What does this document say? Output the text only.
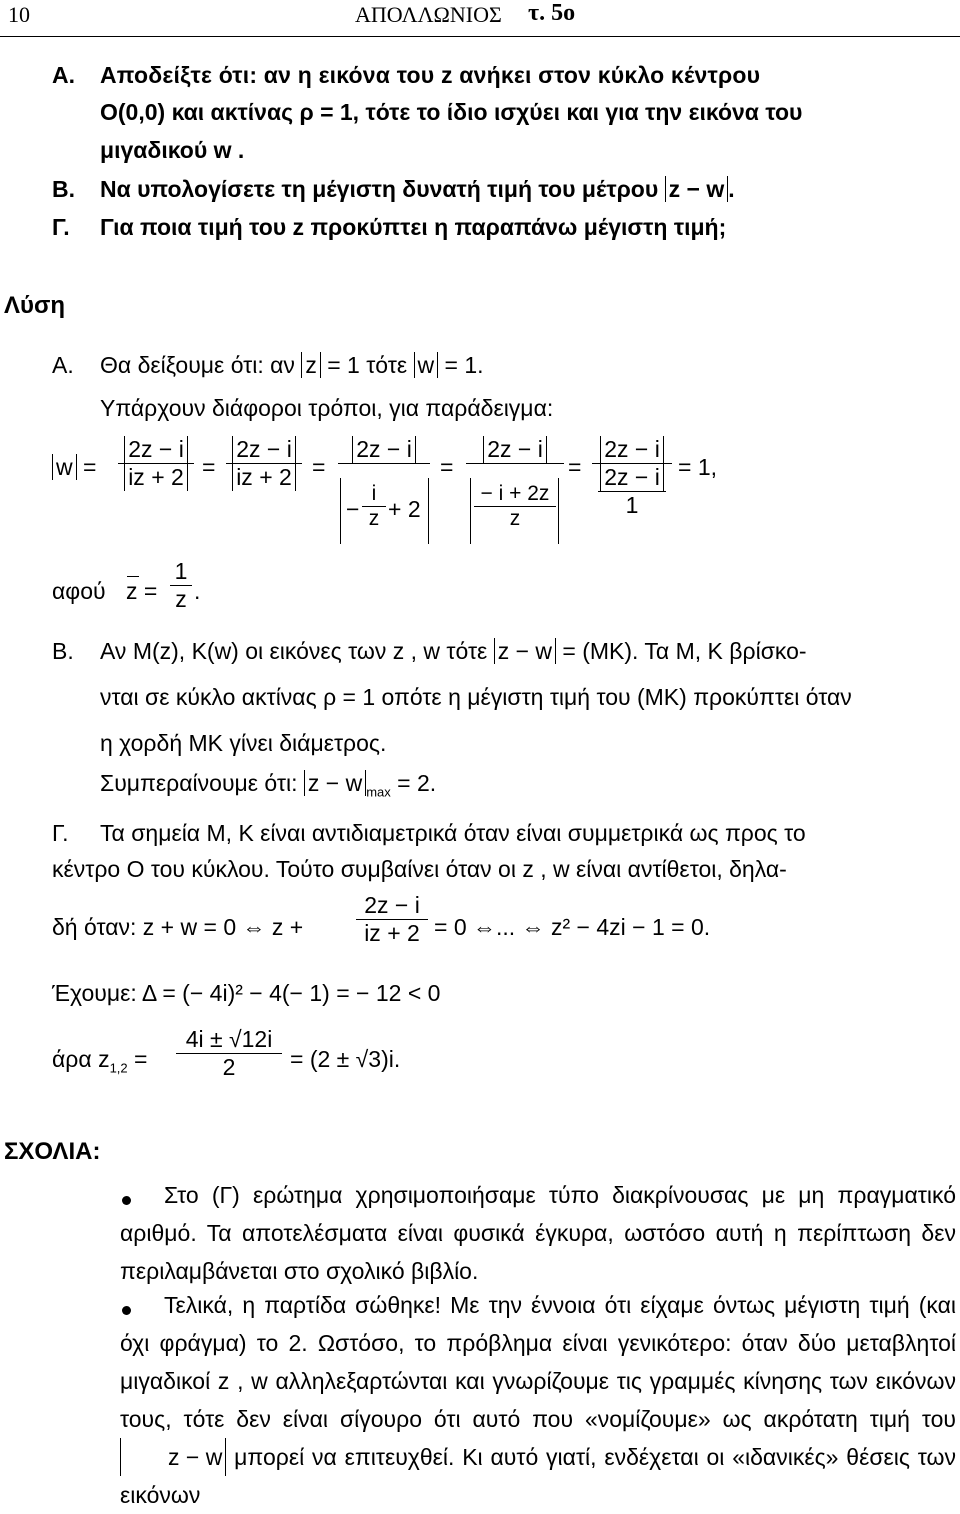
10	ΑΠΟΛΛΩΝΙΟΣ τ. 5ο
Α. Αποδείξτε ότι: αν η εικόνα του z ανήκει στον κύκλο κέντρου
Ο(0,0) και ακτίνας ρ = 1, τότε το ίδιο ισχύει και για την εικόνα του
μιγαδικού w .
Β. Να υπολογίσετε τη μέγιστη δυνατή τιμή του μέτρου z − w .
Γ. Για ποια τιμή του z προκύπτει η παραπάνω μέγιστη τιμή;
Λύση
Α. Θα δείξουμε ότι: αν z = 1 τότε w = 1.
Υπάρχουν διάφοροι τρόποι, για παράδειγμα:
w =
2z − i
iz + 2 =
2z − i
iz + 2 =
2z − i
−
i
z + 2
=
2z − i
− i + 2z
z
=
2z − i
2z − i
1
= 1,
αφού z =
1
z .
Β. Αν Μ(z), Κ(w) οι εικόνες των z , w τότε z − w = (ΜΚ). Τα Μ, Κ βρίσκο-
νται σε κύκλο ακτίνας ρ = 1 οπότε η μέγιστη τιμή του (ΜΚ) προκύπτει όταν
η χορδή ΜΚ γίνει διάμετρος.
Συμπεραίνουμε ότι: z − w $_{max}$ = 2.
Γ. Τα σημεία Μ, Κ είναι αντιδιαμετρικά όταν είναι συμμετρικά ως προς το
κέντρο Ο του κύκλου. Τούτο συμβαίνει όταν οι z , w είναι αντίθετοι, δηλα-
δή όταν: z + w = 0 ⇔ z +
2z − i
iz + 2 = 0 ⇔... ⇔ z² − 4zi − 1 = 0.
Έχουμε: Δ = (− 4i)² − 4(− 1) = − 12 < 0
άρα $z_{1,2}$ =
4i ± √12i
2 = (2 ± √3)i.
ΣΧΟΛΙΑ:
Στο (Γ) ερώτημα χρησιμοποιήσαμε τύπο διακρίνουσας με μη πραγματικό αριθμό. Τα αποτελέσματα είναι φυσικά έγκυρα, ωστόσο αυτή η περίπτωση δεν περιλαμβάνεται στο σχολικό βιβλίο.
Τελικά, η παρτίδα σώθηκε! Με την έννοια ότι είχαμε όντως μέγιστη τιμή (και όχι φράγμα) το 2. Ωστόσο, το πρόβλημα είναι γενικότερο: όταν δύο μεταβλητοί μιγαδικοί z , w αλληλεξαρτώνται και γνωρίζουμε τις γραμμές κίνησης των εικόνων τους, τότε δεν είναι σίγουρο ότι αυτό που «νομίζουμε» ως ακρότατη τιμή του z − w μπορεί να επιτευχθεί. Κι αυτό γιατί, ενδέχεται οι «ιδανικές» θέσεις των εικόνων
